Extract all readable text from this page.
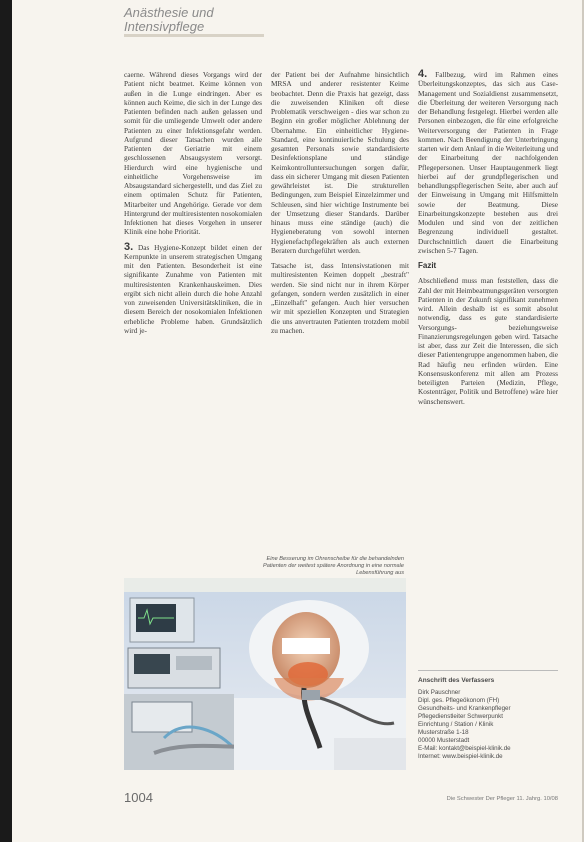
Anästhesie und
Intensivpflege

caerne. Während dieses Vorgangs wird der Patient nicht beatmet. Keime können von außen in die Lunge eindringen. Aber es können auch Keime, die sich in der Lunge des Patienten befinden nach außen gelassen und somit für die umliegende Umwelt oder andere Patienten zu einer Infektionsgefahr werden. Aufgrund dieser Tatsachen wurden alle Patienten der Geriatrie mit einem geschlossenen Absaugsystem versorgt. Hierdurch wird eine hygienische und einheitliche Vorgehensweise im Absaugstandard sichergestellt, und das Ziel zu einem optimalen Schutz für Patienten, Mitarbeiter und Angehörige. Gerade vor dem Hintergrund der multiresistenten nosokomialen Infektionen hat dieses Vorgehen in unserer Klinik eine hohe Priorität.

3. Das Hygiene-Konzept bildet einen der Kernpunkte in unserem strategischen Umgang mit den Patienten. Besonderheit ist eine signifikante Zunahme von Patienten mit multiresistenten Krankenhauskeimen. Dies ergibt sich nicht allein durch die hohe Anzahl von zuweisenden Universitätskliniken, die in diesem Bereich der nosokomialen Infektionen erhebliche Probleme haben. Grundsätzlich wird je-

der Patient bei der Aufnahme hinsichtlich MRSA und anderer resistenter Keime beobachtet. Denn die Praxis hat gezeigt, dass die zuweisenden Kliniken oft diese Problematik verschweigen - dies war schon zu Beginn ein großer möglicher Ablehnung der Übernahme. Ein einheitlicher Hygiene-Standard, eine kontinuierliche Schulung des gesamten Personals sowie standardisierte Desinfektionsplane und ständige Keimkontrolluntersuchungen sorgen dafür, dass ein sicherer Umgang mit diesen Patienten gewährleistet ist. Die strukturellen Bedingungen, zum Beispiel Einzelzimmer und Schleusen, sind hier wichtige Instrumente bei der Umsetzung dieser Standards. Darüber hinaus muss eine ständige (auch) die Hygieneberatung von sowohl internen Hygienefachpflegekräften als auch externen Beratern durchgeführt werden.

Tatsache ist, dass Intensivstationen mit multiresistenten Keimen doppelt „bestraft" werden. Sie sind nicht nur in ihrem Körper gefangen, sondern werden zusätzlich in einer „Einzelhaft" gefangen. Auch hier versuchen wir mit speziellen Konzepten und Strategien die uns anvertrauten Patienten trotzdem mobil zu machen.

4. Fallbezug, wird im Rahmen eines Überleitungskonzeptes, das sich aus Case-Management und Sozialdienst zusammensetzt, die Überleitung der weiteren Versorgung nach der Behandlung festgelegt. Hierbei werden alle Personen einbezogen, die für eine erfolgreiche Weiterversorgung der Patienten in Frage kommen. Nach Beendigung der Unterbringung starten wir dem Anlauf in die Weiterleitung und der Einarbeitung der nachfolgenden Pflegepersonen. Unser Hauptaugenmerk liegt hierbei auf der grundpflegerischen und behandlungspflegerischen Seite, aber auch auf der Einweisung in Umgang mit Hilfsmitteln sowie der Beatmung. Diese Einarbeitungskonzepte bestehen aus drei Modulen und sind von der zeitlichen Begrenzung individuell gestaltet. Durchschnittlich dauert die Einarbeitung zwischen 5-7 Tagen.

Fazit

Abschließend muss man feststellen, dass die Zahl der mit Heimbeatmungsgeräten versorgten Patienten in der Zukunft signifikant zunehmen wird. Allein deshalb ist es somit absolut notwendig, dass es gute standardisierte Versorgungs- beziehungsweise Finanzierungsregelungen geben wird. Tatsache ist aber, dass zur Zeit die Interessen, die sich dieser Patientengruppe angenommen haben, die Rad häufig neu erfinden würden. Eine Konsensuskonferenz mit allen am Prozess beteiligten Parteien (Medizin, Pflege, Kostenträger, Politik und Betroffene) wäre hier wünschenswert.

Anschrift des Verfassers
Dirk Pauschner
Dipl. ges. Pflegeökonom (FH)
Gesundheits- und Krankenpfleger
Pflegedienstleiter Schwerpunkt
Einrichtung / Station / Klinik
Musterstraße 1-18
00000 Musterstadt
E-Mail: kontakt@beispiel-klinik.de
Internet: www.beispiel-klinik.de
Eine Besserung im Ohrenscheibe für die behandelnden Patienten der weitest spätere Anordnung in eine normale Lebensführung aus
1004	Die Schwester Der Pfleger 11. Jahrg. 10/08
